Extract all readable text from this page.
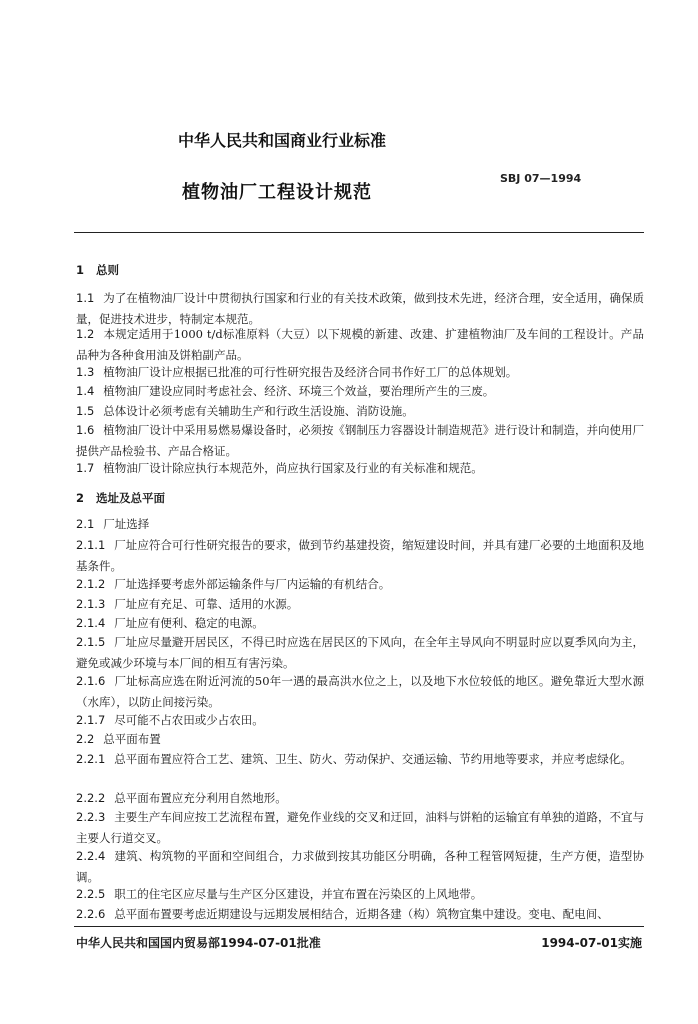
中华人民共和国商业行业标准
植物油厂工程设计规范
SBJ 07—1994
1 总则
1.1 为了在植物油厂设计中贯彻执行国家和行业的有关技术政策，做到技术先进，经济合理，安全适用，确保质量，促进技术进步，特制定本规范。
1.2 本规定适用于1000 t/d标准原料（大豆）以下规模的新建、改建、扩建植物油厂及车间的工程设计。产品品种为各种食用油及饼粕副产品。
1.3 植物油厂设计应根据已批准的可行性研究报告及经济合同书作好工厂的总体规划。
1.4 植物油厂建设应同时考虑社会、经济、环境三个效益，要治理所产生的三废。
1.5 总体设计必须考虑有关辅助生产和行政生活设施、消防设施。
1.6 植物油厂设计中采用易燃易爆设备时，必须按《钢制压力容器设计制造规范》进行设计和制造，并向使用厂提供产品检验书、产品合格证。
1.7 植物油厂设计除应执行本规范外，尚应执行国家及行业的有关标准和规范。
2 选址及总平面
2.1 厂址选择
2.1.1 厂址应符合可行性研究报告的要求，做到节约基建投资，缩短建设时间，并具有建厂必要的土地面积及地基条件。
2.1.2 厂址选择要考虑外部运输条件与厂内运输的有机结合。
2.1.3 厂址应有充足、可靠、适用的水源。
2.1.4 厂址应有便利、稳定的电源。
2.1.5 厂址应尽量避开居民区，不得已时应选在居民区的下风向，在全年主导风向不明显时应以夏季风向为主，避免或减少环境与本厂间的相互有害污染。
2.1.6 厂址标高应选在附近河流的50年一遇的最高洪水位之上，以及地下水位较低的地区。避免靠近大型水源（水库），以防止间接污染。
2.1.7 尽可能不占农田或少占农田。
2.2 总平面布置
2.2.1 总平面布置应符合工艺、建筑、卫生、防火、劳动保护、交通运输、节约用地等要求，并应考虑绿化。
2.2.2 总平面布置应充分利用自然地形。
2.2.3 主要生产车间应按工艺流程布置，避免作业线的交叉和迂回，油料与饼粕的运输宜有单独的道路，不宜与主要人行道交叉。
2.2.4 建筑、构筑物的平面和空间组合，力求做到按其功能区分明确，各种工程管网短捷，生产方便，造型协调。
2.2.5 职工的住宅区应尽量与生产区分区建设，并宜布置在污染区的上风地带。
2.2.6 总平面布置要考虑近期建设与远期发展相结合，近期各建（构）筑物宜集中建设。变电、配电间、
中华人民共和国国内贸易部1994-07-01批准	1994-07-01实施
